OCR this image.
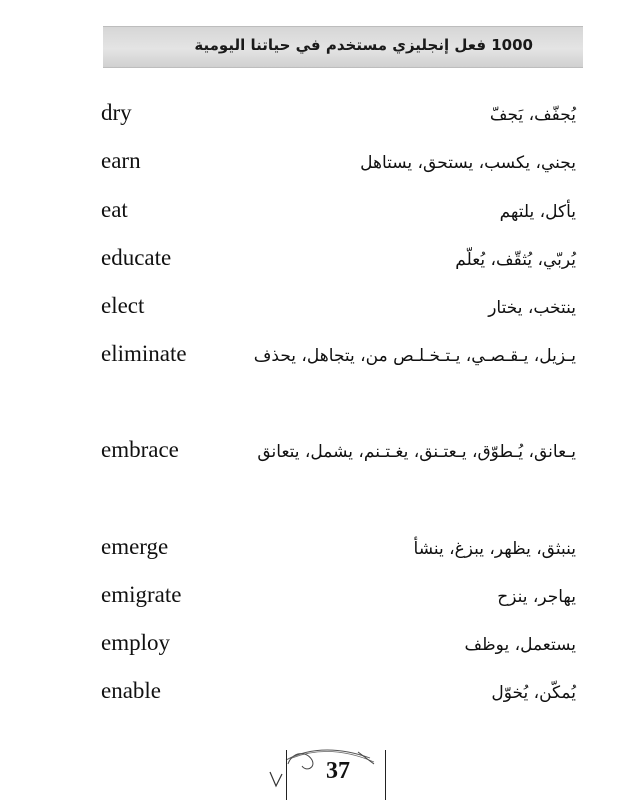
1000 فعل إنجليزي مستخدم في حياتنا اليومية
dry	يُجفّف، يَجفّ
earn	يجني، يكسب، يستحق، يستاهل
eat	يأكل، يلتهم
educate	يُربّي، يُثقّف، يُعلّم
elect	ينتخب، يختار
eliminate	يـزيل، يـقـصـي، يـتـخـلـص من، يتجاهل، يحذف
embrace	يـعانق، يُـطوّق، يـعتـنق، يغـتـنم، يشمل، يتعانق
emerge	ينبثق، يظهر، يبزغ، ينشأ
emigrate	يهاجر، ينزح
employ	يستعمل، يوظف
enable	يُمكّن، يُخوّل
37
